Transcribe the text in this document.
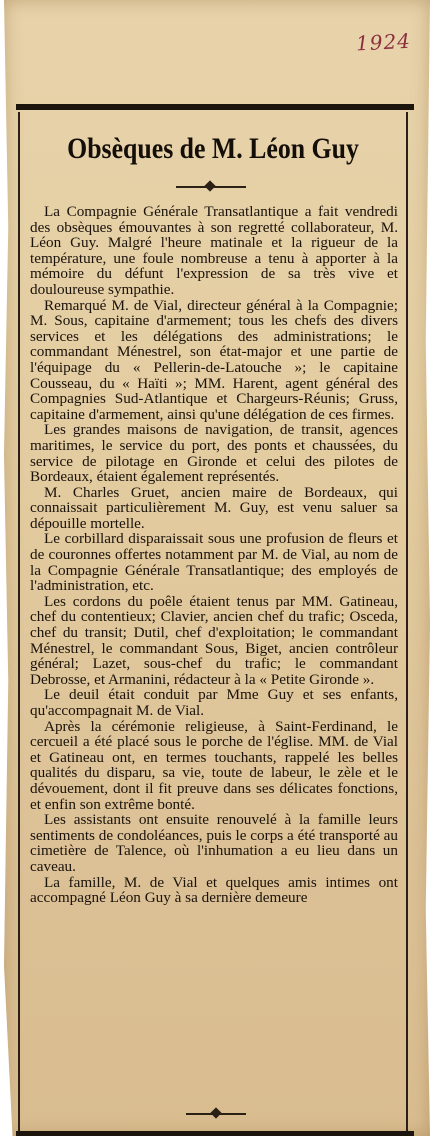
1924
Obsèques de M. Léon Guy

La Compagnie Générale Transatlantique a fait vendredi des obsèques émouvantes à son regretté collaborateur, M. Léon Guy. Malgré l'heure matinale et la rigueur de la température, une foule nombreuse a tenu à apporter à la mémoire du défunt l'expression de sa très vive et douloureuse sympathie.

Remarqué M. de Vial, directeur général à la Compagnie; M. Sous, capitaine d'armement; tous les chefs des divers services et les délégations des administrations; le commandant Ménestrel, son état-major et une partie de l'équipage du « Pellerin-de-Latouche »; le capitaine Cousseau, du « Haïti »; MM. Harent, agent général des Compagnies Sud-Atlantique et Chargeurs-Réunis; Gruss, capitaine d'armement, ainsi qu'une délégation de ces firmes.

Les grandes maisons de navigation, de transit, agences maritimes, le service du port, des ponts et chaussées, du service de pilotage en Gironde et celui des pilotes de Bordeaux, étaient également représentés.

M. Charles Gruet, ancien maire de Bordeaux, qui connaissait particulièrement M. Guy, est venu saluer sa dépouille mortelle.

Le corbillard disparaissait sous une profusion de fleurs et de couronnes offertes notamment par M. de Vial, au nom de la Compagnie Générale Transatlantique; des employés de l'administration, etc.

Les cordons du poêle étaient tenus par MM. Gatineau, chef du contentieux; Clavier, ancien chef du trafic; Osceda, chef du transit; Dutil, chef d'exploitation; le commandant Ménestrel, le commandant Sous, Biget, ancien contrôleur général; Lazet, sous-chef du trafic; le commandant Debrosse, et Armanini, rédacteur à la « Petite Gironde ».

Le deuil était conduit par Mme Guy et ses enfants, qu'accompagnait M. de Vial.

Après la cérémonie religieuse, à Saint-Ferdinand, le cercueil a été placé sous le porche de l'église. MM. de Vial et Gatineau ont, en termes touchants, rappelé les belles qualités du disparu, sa vie, toute de labeur, le zèle et le dévouement, dont il fit preuve dans ses délicates fonctions, et enfin son extrême bonté.

Les assistants ont ensuite renouvelé à la famille leurs sentiments de condoléances, puis le corps a été transporté au cimetière de Talence, où l'inhumation a eu lieu dans un caveau.

La famille, M. de Vial et quelques amis intimes ont accompagné Léon Guy à sa dernière demeure
